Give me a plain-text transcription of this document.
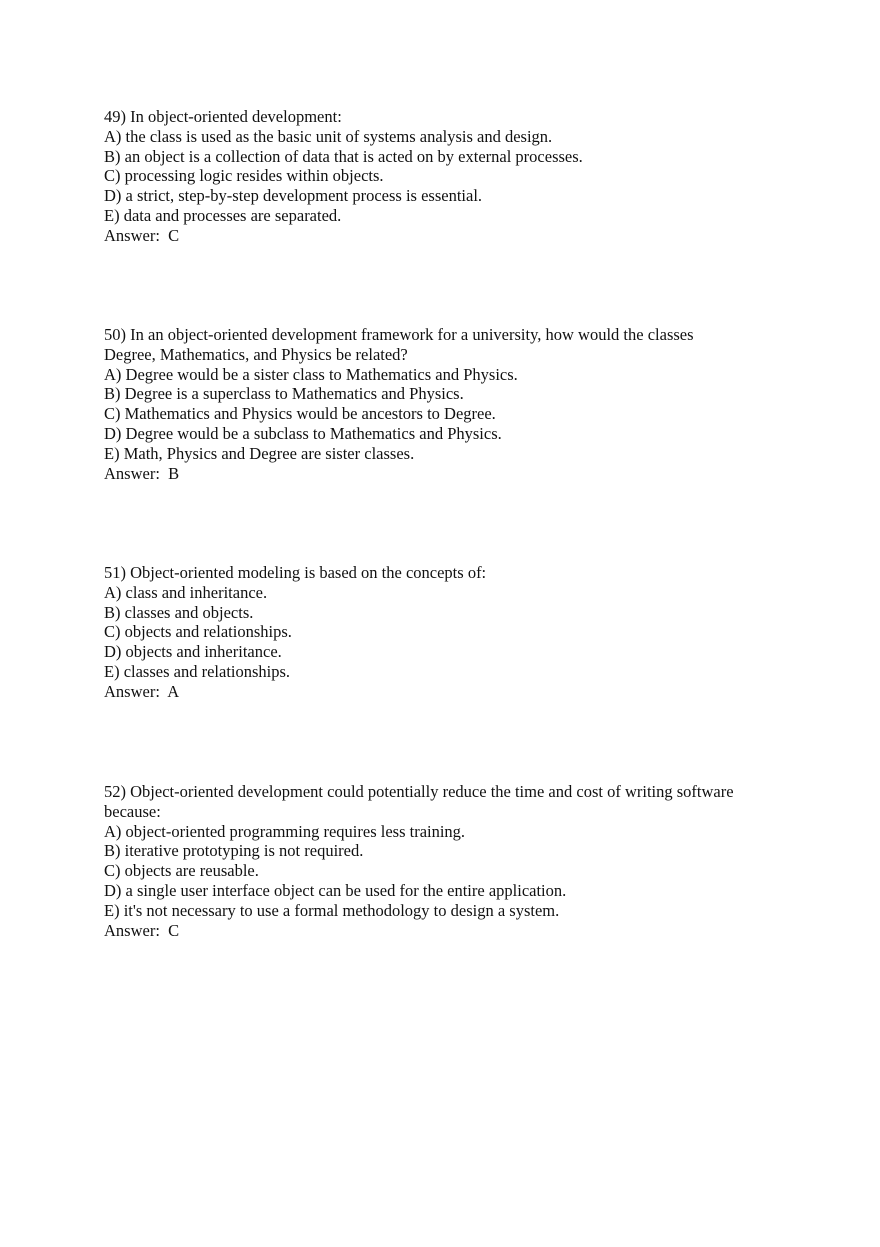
49) In object-oriented development:
A) the class is used as the basic unit of systems analysis and design.
B) an object is a collection of data that is acted on by external processes.
C) processing logic resides within objects.
D) a strict, step-by-step development process is essential.
E) data and processes are separated.
Answer:  C
50) In an object-oriented development framework for a university, how would the classes
Degree, Mathematics, and Physics be related?
A) Degree would be a sister class to Mathematics and Physics.
B) Degree is a superclass to Mathematics and Physics.
C) Mathematics and Physics would be ancestors to Degree.
D) Degree would be a subclass to Mathematics and Physics.
E) Math, Physics and Degree are sister classes.
Answer:  B
51) Object-oriented modeling is based on the concepts of:
A) class and inheritance.
B) classes and objects.
C) objects and relationships.
D) objects and inheritance.
E) classes and relationships.
Answer:  A
52) Object-oriented development could potentially reduce the time and cost of writing software
because:
A) object-oriented programming requires less training.
B) iterative prototyping is not required.
C) objects are reusable.
D) a single user interface object can be used for the entire application.
E) it's not necessary to use a formal methodology to design a system.
Answer:  C
